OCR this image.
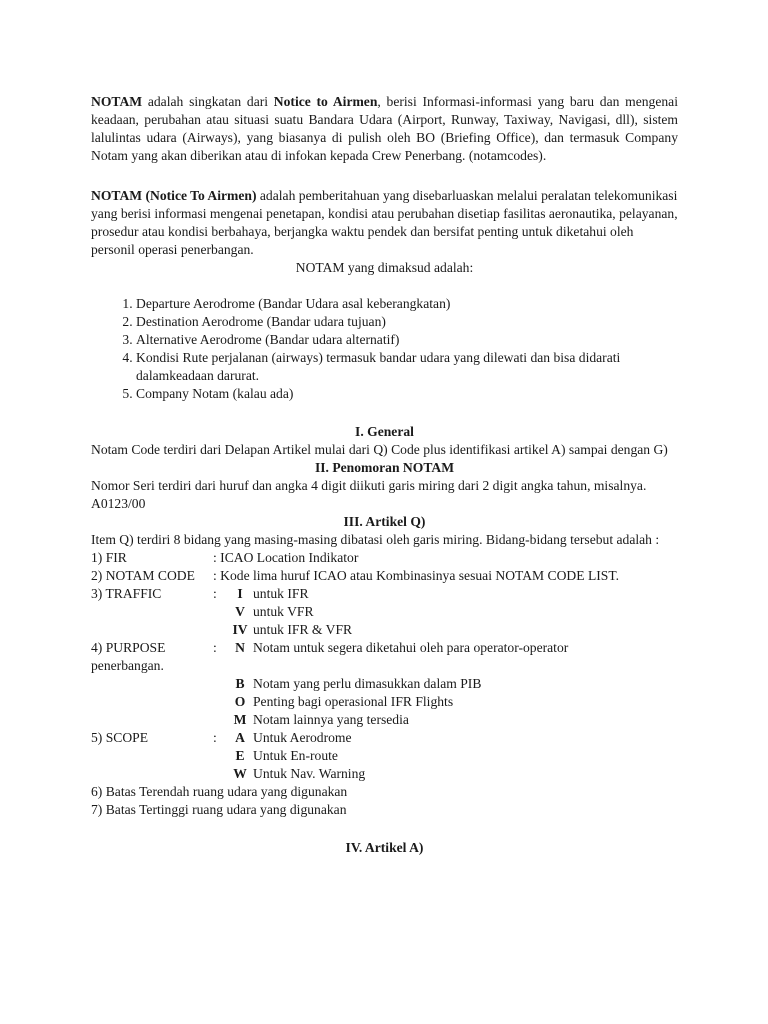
NOTAM adalah singkatan dari Notice to Airmen, berisi Informasi-informasi yang baru dan mengenai keadaan, perubahan atau situasi suatu Bandara Udara (Airport, Runway, Taxiway, Navigasi, dll), sistem lalulintas udara (Airways), yang biasanya di pulish oleh BO (Briefing Office), dan termasuk Company Notam yang akan diberikan atau di infokan kepada Crew Penerbang. (notamcodes).

NOTAM (Notice To Airmen) adalah pemberitahuan yang disebarluaskan melalui peralatan telekomunikasi yang berisi informasi mengenai penetapan, kondisi atau perubahan disetiap fasilitas aeronautika, pelayanan, prosedur atau kondisi berbahaya, berjangka waktu pendek dan bersifat penting untuk diketahui oleh personil operasi penerbangan.

NOTAM yang dimaksud adalah:

1. Departure Aerodrome (Bandar Udara asal keberangkatan)
2. Destination Aerodrome (Bandar udara tujuan)
3. Alternative Aerodrome (Bandar udara alternatif)
4. Kondisi Rute perjalanan (airways) termasuk bandar udara yang dilewati dan bisa didarati dalamkeadaan darurat.
5. Company Notam (kalau ada)
I. General

Notam Code terdiri dari Delapan Artikel mulai dari Q) Code plus identifikasi artikel A) sampai dengan G)

II. Penomoran NOTAM

Nomor Seri terdiri dari huruf dan angka 4 digit diikuti garis miring dari 2 digit angka tahun, misalnya. A0123/00

III. Artikel Q)

Item Q) terdiri 8 bidang yang masing-masing dibatasi oleh garis miring. Bidang-bidang tersebut adalah :

1) FIR	: ICAO Location Indikator
2) NOTAM CODE	: Kode lima huruf ICAO atau Kombinasinya sesuai NOTAM CODE LIST.
3) TRAFFIC	:	I untuk IFR
V untuk VFR
IV untuk IFR & VFR
4) PURPOSE	:	N Notam untuk segera diketahui oleh para operator-operator
penerbangan.
B Notam yang perlu dimasukkan dalam PIB
O Penting bagi operasional IFR Flights
M Notam lainnya yang tersedia
5) SCOPE	:	A Untuk Aerodrome
E Untuk En-route
W Untuk Nav. Warning
6) Batas Terendah ruang udara yang digunakan
7) Batas Tertinggi ruang udara yang digunakan
IV. Artikel A)
